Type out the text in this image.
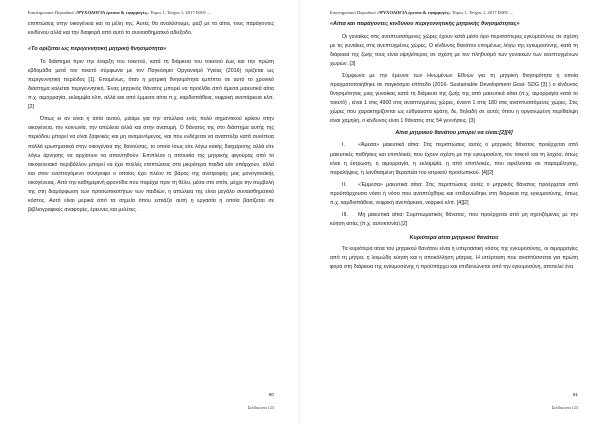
Επιστημονικό Περιοδικό «ΨΥΧΟΛΟΓΙΑ έρευνα & εφαρμογές» Τόμος 1, Τεύχος 1, 2017 ISSN ....

επιπτώσεις στην οικογένεια και τα μέλη της. Αυτές θα αναλύσουμε, μαζί με τα αίτια, τους παράγοντες κινδύνου αλλά και την διαφορά από αυτό το συναισθηματικό αδιέξοδο.

«Το ορίζεται ως περιγεννητική μητρική θνησιμότητα»

Το διάστημα πριν την έναρξη του τοκετού, κατά τη διάρκεια του τοκετού έως και την πρώτη εβδομάδα μετά τον τοκετό σύμφωνα με τον Παγκόσμιο Οργανισμό Υγείας (2016) ορίζεται ως περιγεννητική περίοδος [1]. Επομένως, όταν η μητρική θνησιμότητα εμπίπτει σε αυτό το χρονικό διάστημα καλείται περιγεννητική. Ένας μητρικός θάνατος μπορεί να προέλθει από άμεσα μαιευτικά αίτια π.χ. αιμορραγία, εκλαμψία κλπ, αλλά και από έμμεσα αίτια π.χ. καρδιοπάθεια, νεφρική ανεπάρκεια κλπ.[2]

Όπως κι αν είναι η αιτία αυτού, μιλάμε για την απώλεια ενός πολύ σημαντικού κρίκου στην οικογένεια, την κοινωνία, την απώλεια αλλά και στην ανατυμή. Ο θάνατος της στο διάστημα αυτής της περιόδου μπορεί να είναι ξαφνικός και μη αναμενόμενος, και που ενδέχεται να αναπτύξει κατά συνέπεια πολλά ερωτηματικά στην οικογένεια της θανούσας, το οποίο ίσως είτε λόγω κακής διαχείρισης αλλά είτε λόγω άρνησης να αρχίσουν να απαντηθούν. Επιπλέον η απουσία της μητρικής φιγούρας από το οικογενειακό περιβάλλον μπορεί να έχει πολλές επιπτώσεις στα μικρότερα παιδιά εάν υπάρχουν, αλλά και στον ενεπτογόμενο σύντροφο ο οποίος έχει πλέον το βάρος της ανατροφής μας μονογονεϊκής οικογένειας. Από την καθημερινή φροντίδα που παρέχει πριν τη θέλει, μέσα στο σπίτι, μέχρι την συμβολή της στη διαμόρφωση των προσωπικοτήτων των παιδιών, η απώλεια της είναι μεγάλο συναισθηματικό κόστος. Αυτό είναι μερικά από τα σημεία όπου εστιάζει αυτή η εργασία η οποία βασίζεται σε βιβλιογραφικές αναφορές, έρευνες και μελέτες .

80
Σελίδα από 123
Επιστημονικό Περιοδικό «ΨΥΧΟΛΟΓΙΑ έρευνα & εφαρμογές» Τόμος 1, Τεύχος 1, 2017 ISSN ....
«Αίτια και παράγοντες κινδύνου περιγεννητικής μητρικής θνησιμότητας»

Οι γυναίκες στις αναπτυσσόμενες χώρες έχουν κατά μέσο όρο περισσότερες εγκυμοσύνες σε σχέση με τις γυναίκες στις ανεπτυγμένες χώρες. Ο κίνδυνος θανάτου επομένως λόγω της εγκυμοσύνης, κατά τη διάρκεια της ζωής τους είναι υψηλότερος σε σχέση με τον πληθυσμό των γυναικών των ανεπτυγμένων χωρών. [3]

Σύμφωνα με την έρευνα των Ηνωμένων Εθνών για τη μητρική θνησιμότητα η οποία πραγματοποιήθηκε σε παγκόσμιο επίπεδο (2016- Sustainable Development Goal- SDG [3] ) ο κίνδυνος θνησιμότητας μιας γυναίκας κατά τη διάρκεια της ζωής της από μαιευτικά αίτια (π.χ. αιμορραγία κατά το τοκετό) , είναι 1 στις 4900 στις αναπτυγμένες χώρες, έναντι 1 στις 180 στις αναπτυσσόμενες χώρες. Στις χώρες που χαρακτηρίζονται ως εύθραυστα κράτη, δε, δηλαδή σε αυτές όπου η οργανωμένη περίθαλψη είναι χαμηλή, ο κίνδυνος είναι 1 θάνατος στις 54 γεννήσεις. [3]

Αίτια μητρικού θανάτου μπορεί να είναι:[2][4]
I. «Άμεσα» μαιευτικά αίτια: Στις περιπτώσεις αυτές ο μητρικός θάνατος προέρχεται από μαιευτικές παθήσεις και επιπλοκές που έχουν σχέση με την εγκυμοσύνη, τον τοκετό και τη λοχεία, όπως είναι η έκτρωση, η αιμορραγία, η εκλαμψία, η από επιπλοκές, που οφείλονται σε παραμέλησης, παραλήψεις, ή λανθασμένη θεραπεία του ιατρικού προσωπικού. [4][2]
II. «Έμμεσα» μαιευτικά αίτια: Στις περιπτώσεις αυτές ο μητρικός θάνατος προέρχεται από προϋπάρχουσα νόσο ή νόσο που αναπτύχθηκε και επιδεινώθηκε στη διάρκεια της εγκυμοσύνης, όπως π.χ. καρδιοπάθεια, νεφρική ανεπάρκεια, νεφρικό κλπ. [4][2]
III. Μη μαιευτικά αίτια: Συμπτωματικός θάνατος, που προέρχεται από μη σχετιζόμενες με την κύηση αιτίες (π.χ. αυτοκτονία).[2]
Κυριότερα αίτια μητρικού θανάτου

Τα κυριότερα αίτια του μητρικού θανάτου είναι η υπερτασική νόσος της εγκυμοσύνης, οι αιμορραγίες από τη μήτρα, η λοιμώδη κύηση και η αποκόλληση μήτρας. Η υπέρταση που αναπτύσσεται για πρώτη φορά στη διάρκεια της εγκυμοσύνης ή προϋπάρχει και επιδεινώνεται από την εγκυμοσύνη, αποτελεί ένα

81
Σελίδα από 123
